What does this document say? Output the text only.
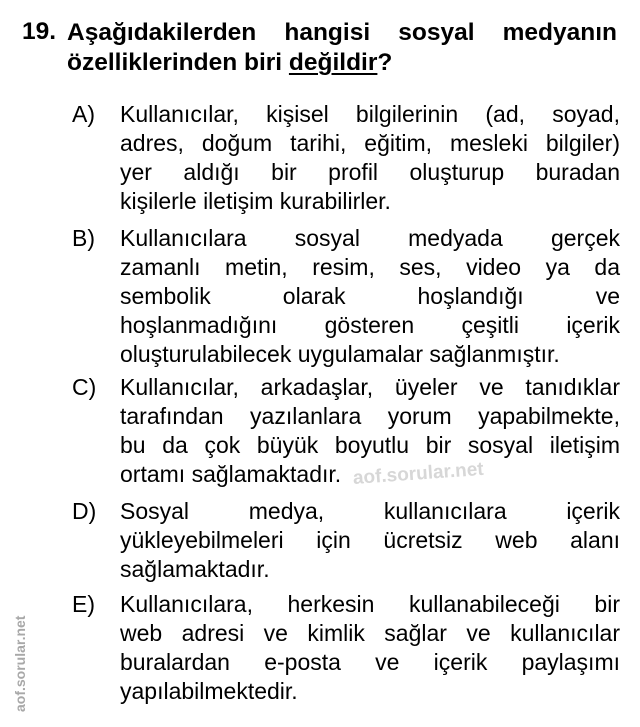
19. Aşağıdakilerden hangisi sosyal medyanın
özelliklerinden biri değildir?
A) Kullanıcılar, kişisel bilgilerinin (ad, soyad,
adres, doğum tarihi, eğitim, mesleki bilgiler)
yer aldığı bir profil oluşturup buradan
kişilerle iletişim kurabilirler.
B) Kullanıcılara sosyal medyada gerçek
zamanlı metin, resim, ses, video ya da
sembolik olarak hoşlandığı ve
hoşlanmadığını gösteren çeşitli içerik
oluşturulabilecek uygulamalar sağlanmıştır.
C) Kullanıcılar, arkadaşlar, üyeler ve tanıdıklar
tarafından yazılanlara yorum yapabilmekte,
bu da çok büyük boyutlu bir sosyal iletişim
ortamı sağlamaktadır.
D) Sosyal medya, kullanıcılara içerik
yükleyebilmeleri için ücretsiz web alanı
sağlamaktadır.
E) Kullanıcılara, herkesin kullanabileceği bir
web adresi ve kimlik sağlar ve kullanıcılar
buralardan e-posta ve içerik paylaşımı
yapılabilmektedir.
aof.sorular.net
aof.sorular.net
